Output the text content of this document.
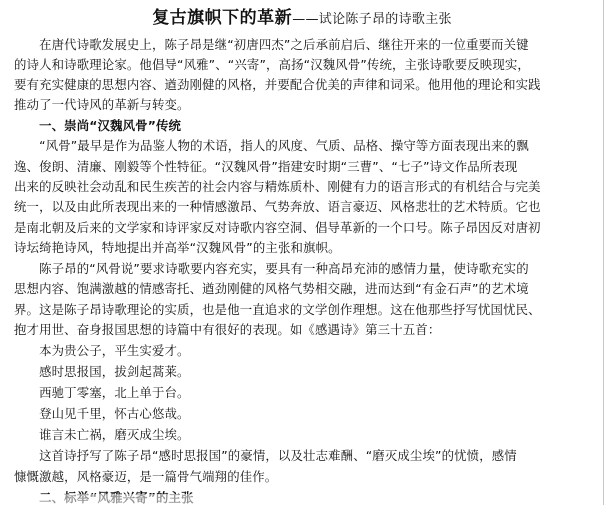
复古旗帜下的革新——试论陈子昂的诗歌主张
　　在唐代诗歌发展史上，陈子昂是继“初唐四杰”之后承前启后、继往开来的一位重要而关键
的诗人和诗歌理论家。他倡导“风雅”、“兴寄”，高扬“汉魏风骨”传统，主张诗歌要反映现实，
要有充实健康的思想内容、遒劲刚健的风格，并要配合优美的声律和词采。他用他的理论和实践
推动了一代诗风的革新与转变。
　　一、崇尚“汉魏风骨”传统
　　“风骨”最早是作为品鉴人物的术语，指人的风度、气质、品格、操守等方面表现出来的飘
逸、俊朗、清廉、刚毅等个性特征。“汉魏风骨”指建安时期“三曹”、“七子”诗文作品所表现
出来的反映社会动乱和民生疾苦的社会内容与精炼质朴、刚健有力的语言形式的有机结合与完美
统一，以及由此所表现出来的一种情感激昂、气势奔放、语言豪迈、风格悲壮的艺术特质。它也
是南北朝及后来的文学家和诗评家反对诗歌内容空洞、倡导革新的一个口号。陈子昂因反对唐初
诗坛绮艳诗风，特地提出并高举“汉魏风骨”的主张和旗帜。
　　陈子昂的“风骨说”要求诗歌要内容充实，要具有一种高昂充沛的感情力量，使诗歌充实的
思想内容、饱满激越的情感寄托、遒劲刚健的风格气势相交融，进而达到“有金石声”的艺术境
界。这是陈子昂诗歌理论的实质，也是他一直追求的文学创作理想。这在他那些抒写忧国忧民、
抱才用世、奋身报国思想的诗篇中有很好的表现。如《感遇诗》第三十五首：
　　本为贵公子，平生实爱才。
　　感时思报国，拔剑起蒿莱。
　　西驰丁零塞，北上单于台。
　　登山见千里，怀古心悠哉。
　　谁言未亡祸，磨灭成尘埃。
　　这首诗抒写了陈子昂“感时思报国”的豪情，以及壮志难酬、“磨灭成尘埃”的忧愤，感情
慷慨激越，风格豪迈，是一篇骨气端翔的佳作。
